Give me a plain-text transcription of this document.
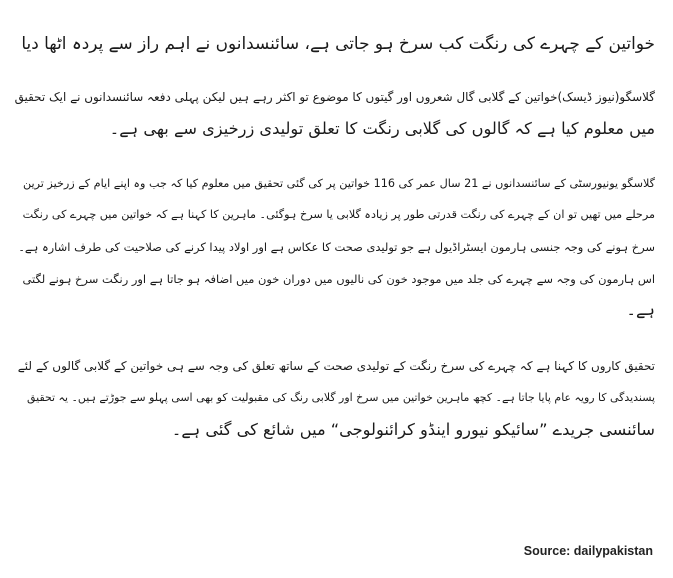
خواتین کے چہرے کی رنگت کب سرخ ہو جاتی ہے، سائنسدانوں نے اہم راز سے پردہ اٹھا دیا
گلاسگو(نیوز ڈیسک)خواتین کے گلابی گال شعروں اور گیتوں کا موضوع تو اکثر رہے ہیں لیکن پہلی دفعہ سائنسدانوں نے ایک تحقیق
میں معلوم کیا ہے کہ گالوں کی گلابی رنگت کا تعلق تولیدی زرخیزی سے بھی ہے۔
گلاسگو یونیورسٹی کے سائنسدانوں نے 21 سال عمر کی 116 خواتین پر کی گئی تحقیق میں معلوم کیا کہ جب وہ اپنے ایام کے زرخیز ترین
مرحلے میں تھیں تو ان کے چہرے کی رنگت قدرتی طور پر زیادہ گلابی یا سرخ ہوگئی۔ ماہرین کا کہنا ہے کہ خواتین میں چہرے کی رنگت
سرخ ہونے کی وجہ جنسی ہارمون ایسٹراڈیول ہے جو تولیدی صحت کا عکاس ہے اور اولاد پیدا کرنے کی صلاحیت کی طرف اشارہ ہے۔
اس ہارمون کی وجہ سے چہرے کی جلد میں موجود خون کی نالیوں میں دوران خون میں اضافہ ہو جاتا ہے اور رنگت سرخ ہونے لگتی
ہے۔
تحقیق کاروں کا کہنا ہے کہ چہرے کی سرخ رنگت کے تولیدی صحت کے ساتھ تعلق کی وجہ سے ہی خواتین کے گلابی گالوں کے لئے
پسندیدگی کا رویہ عام پایا جاتا ہے۔ کچھ ماہرین خواتین میں سرخ اور گلابی رنگ کی مقبولیت کو بھی اسی پہلو سے جوڑتے ہیں۔ یہ تحقیق
سائنسی جریدے ”سائیکو نیورو اینڈو کرائنولوجی“ میں شائع کی گئی ہے۔
Source: dailypakistan
